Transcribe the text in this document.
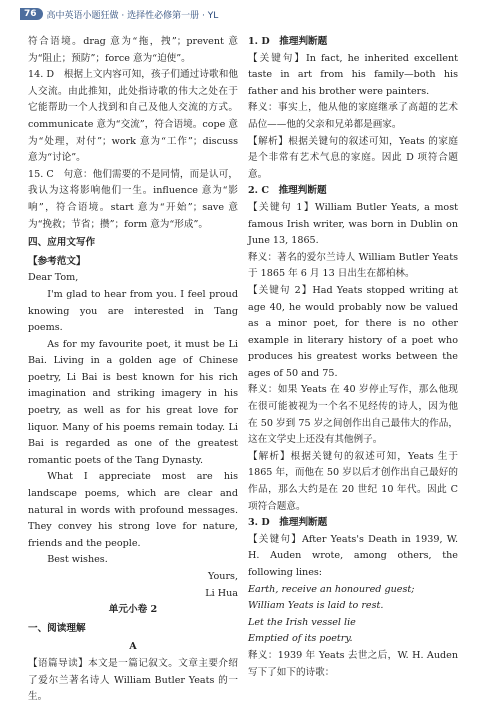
76	高中英语小题狂做 · 选择性必修第一册 · YL

符合语境。drag 意为“拖，拽”；prevent 意为“阻止；预防”；force 意为“迫使”。

14. D　根据上文内容可知，孩子们通过诗歌和他人交流。由此推知，此处指诗歌的伟大之处在于它能帮助一个人找到和自己及他人交流的方式。communicate 意为“交流”，符合语境。cope 意为“处理，对付”；work 意为“工作”；discuss 意为“讨论”。

15. C　句意：他们需要的不是同情，而是认可，我认为这将影响他们一生。influence 意为“影响”，符合语境。start 意为“开始”；save 意为“挽救；节省；攒”；form 意为“形成”。

四、应用文写作

【参考范文】

Dear Tom,

I'm glad to hear from you. I feel proud knowing you are interested in Tang poems.

As for my favourite poet, it must be Li Bai. Living in a golden age of Chinese poetry, Li Bai is best known for his rich imagination and striking imagery in his poetry, as well as for his great love for liquor. Many of his poems remain today. Li Bai is regarded as one of the greatest romantic poets of the Tang Dynasty.

What I appreciate most are his landscape poems, which are clear and natural in words with profound messages. They convey his strong love for nature, friends and the people.

Best wishes.

Yours,

Li Hua

单元小卷 2

一、阅读理解

A

【语篇导读】本文是一篇记叙文。文章主要介绍了爱尔兰著名诗人 William Butler Yeats 的一生。

1. D　推理判断题

【关键句】In fact, he inherited excellent taste in art from his family—both his father and his brother were painters.

释义：事实上，他从他的家庭继承了高超的艺术品位——他的父亲和兄弟都是画家。

【解析】根据关键句的叙述可知，Yeats 的家庭是个非常有艺术气息的家庭。因此 D 项符合题意。

2. C　推理判断题

【关键句 1】William Butler Yeats, a most famous Irish writer, was born in Dublin on June 13, 1865.

释义：著名的爱尔兰诗人 William Butler Yeats 于 1865 年 6 月 13 日出生在都柏林。

【关键句 2】Had Yeats stopped writing at age 40, he would probably now be valued as a minor poet, for there is no other example in literary history of a poet who produces his greatest works between the ages of 50 and 75.

释义：如果 Yeats 在 40 岁停止写作，那么他现在很可能被视为一个名不见经传的诗人，因为他在 50 岁到 75 岁之间创作出自己最伟大的作品，这在文学史上还没有其他例子。

【解析】根据关键句的叙述可知，Yeats 生于 1865 年，而他在 50 岁以后才创作出自己最好的作品，那么大约是在 20 世纪 10 年代。因此 C 项符合题意。

3. D　推理判断题

【关键句】After Yeats's Death in 1939, W. H. Auden wrote, among others, the following lines:

Earth, receive an honoured guest;

William Yeats is laid to rest.

Let the Irish vessel lie

Emptied of its poetry.

释义：1939 年 Yeats 去世之后，W. H. Auden 写下了如下的诗歌：
